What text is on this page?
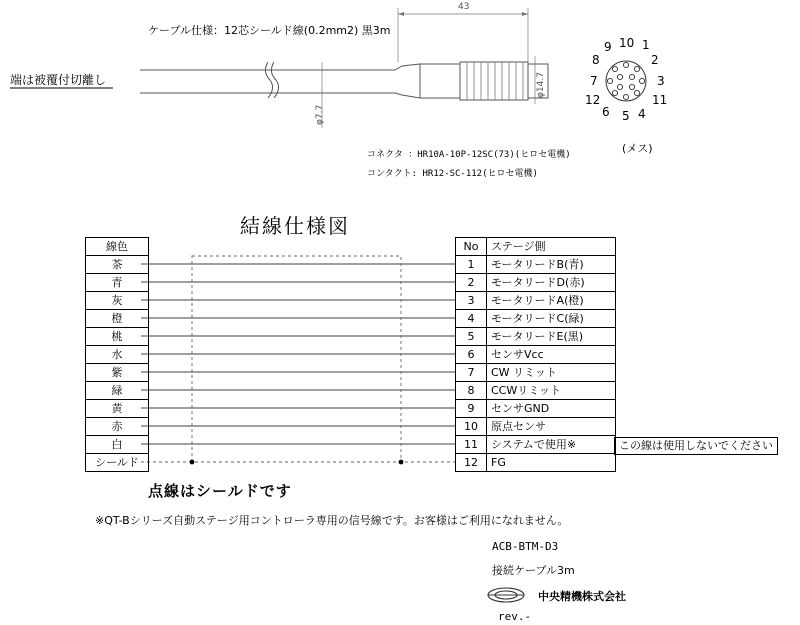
ケーブル仕様：12芯シールド線(0.2mm2) 黒3m
端は被覆付切離し
43
φ14.7
φ7.7
1
2
3
4
5
6
7
8
9 10
11
12
(メス)
コネクタ ：HR10A-10P-12SC(73)(ヒロセ電機)
コンタクト: HR12-SC-112(ヒロセ電機)
結線仕様図
線色
茶
青
灰
橙
桃
水
紫
緑
黄
赤
白
シールド
No	ステージ側
1	モータリードB(青)
2	モータリードD(赤)
3	モータリードA(橙)
4	モータリードC(緑)
5	モータリードE(黒)
6	センサVcc
7	CW リミット
8	CCWリミット
9	センサGND
10	原点センサ
11	システムで使用※
12	FG
この線は使用しないでください
点線はシールドです
※QT-Bシリーズ自動ステージ用コントローラ専用の信号線です。お客様はご利用になれません。
ACB-BTM-D3
接続ケーブル3m
中央精機株式会社
rev.-
